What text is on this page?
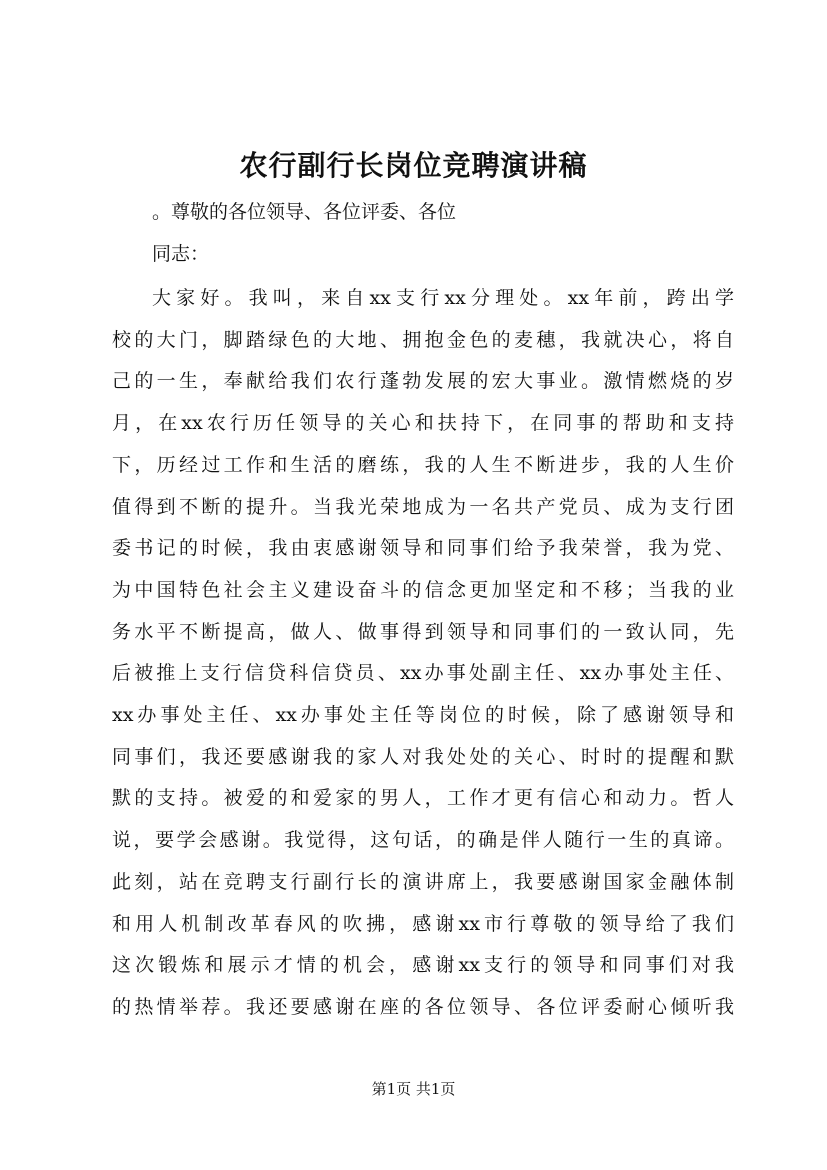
农行副行长岗位竞聘演讲稿

。尊敬的各位领导、各位评委、各位

同志：

大家好。我叫，来自xx支行xx分理处。xx年前，跨出学

校的大门，脚踏绿色的大地、拥抱金色的麦穗，我就决心，将自

己的一生，奉献给我们农行蓬勃发展的宏大事业。激情燃烧的岁

月，在xx农行历任领导的关心和扶持下，在同事的帮助和支持

下，历经过工作和生活的磨练，我的人生不断进步，我的人生价

值得到不断的提升。当我光荣地成为一名共产党员、成为支行团

委书记的时候，我由衷感谢领导和同事们给予我荣誉，我为党、

为中国特色社会主义建设奋斗的信念更加坚定和不移；当我的业

务水平不断提高，做人、做事得到领导和同事们的一致认同，先

后被推上支行信贷科信贷员、xx办事处副主任、xx办事处主任、

xx办事处主任、xx办事处主任等岗位的时候，除了感谢领导和

同事们，我还要感谢我的家人对我处处的关心、时时的提醒和默

默的支持。被爱的和爱家的男人，工作才更有信心和动力。哲人

说，要学会感谢。我觉得，这句话，的确是伴人随行一生的真谛。

此刻，站在竞聘支行副行长的演讲席上，我要感谢国家金融体制

和用人机制改革春风的吹拂，感谢xx市行尊敬的领导给了我们

这次锻炼和展示才情的机会，感谢xx支行的领导和同事们对我

的热情举荐。我还要感谢在座的各位领导、各位评委耐心倾听我

第1页 共1页
